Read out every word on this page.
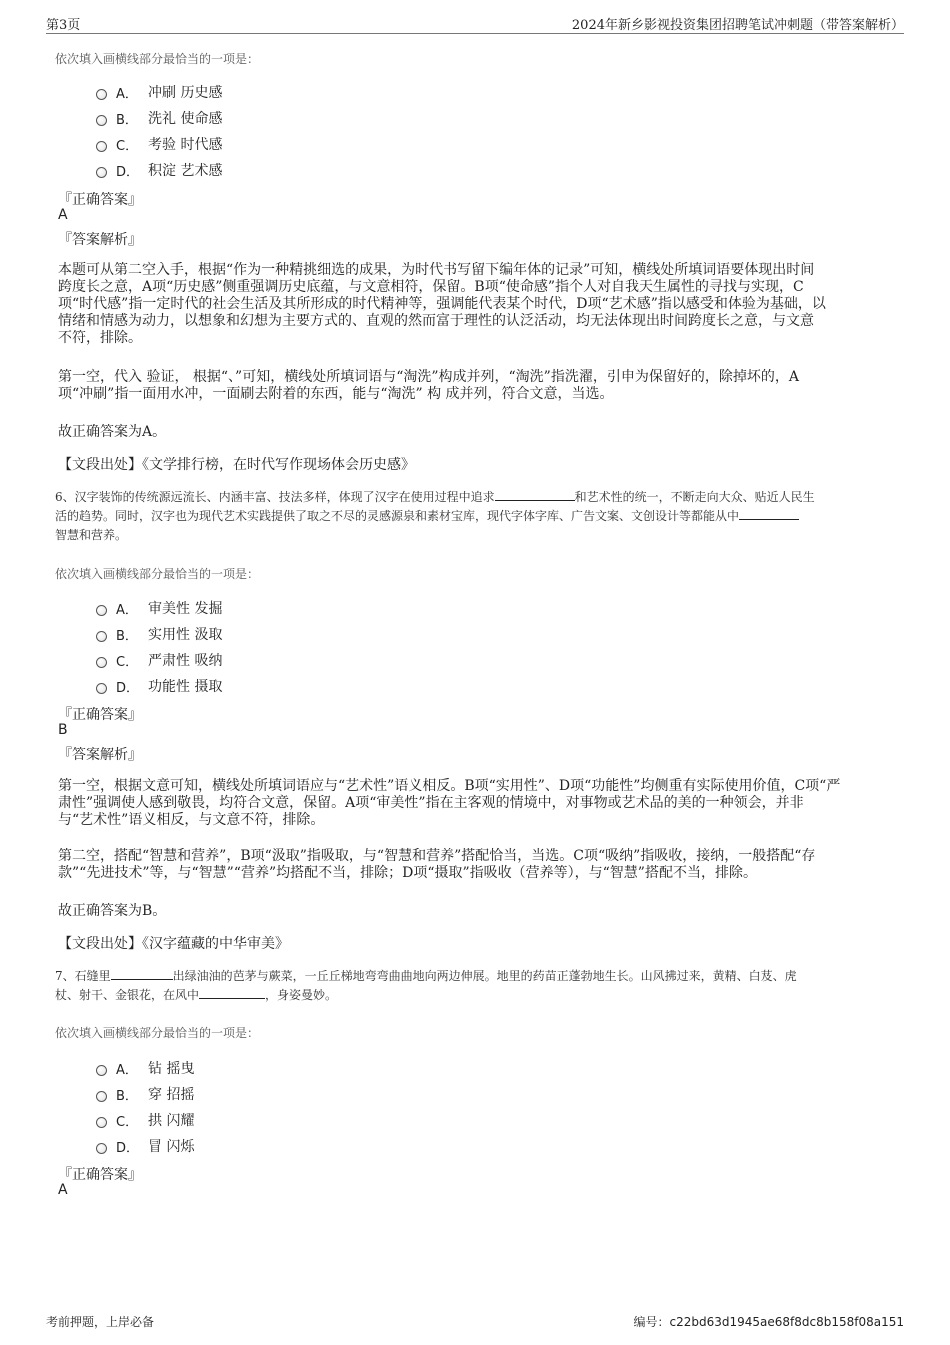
第3页	2024年新乡影视投资集团招聘笔试冲刺题（带答案解析）
依次填入画横线部分最恰当的一项是：
A． 冲刷 历史感
B． 洗礼 使命感
C． 考验 时代感
D． 积淀 艺术感
『正确答案』
A
『答案解析』
本题可从第二空入手，根据“作为一种精挑细选的成果，为时代书写留下编年体的记录”可知，横线处所填词语要体现出时间
跨度长之意，A项“历史感”侧重强调历史底蕴，与文意相符，保留。B项“使命感”指个人对自我天生属性的寻找与实现，C
项“时代感”指一定时代的社会生活及其所形成的时代精神等，强调能代表某个时代，D项“艺术感”指以感受和体验为基础，以
情绪和情感为动力，以想象和幻想为主要方式的、直观的然而富于理性的认泛活动，均无法体现出时间跨度长之意，与文意
不符，排除。
第一空，代入 验证， 根据“、”可知，横线处所填词语与“淘洗”构成并列，“淘洗”指洗濯，引申为保留好的，除掉坏的，A
项“冲刷”指一面用水冲，一面刷去附着的东西，能与“淘洗” 构 成并列，符合文意，当选。
故正确答案为A。
【文段出处】《文学排行榜，在时代写作现场体会历史感》
6、汉字装饰的传统源远流长、内涵丰富、技法多样，体现了汉字在使用过程中追求	和艺术性的统一，不断走向大众、贴近人民生
活的趋势。同时，汉字也为现代艺术实践提供了取之不尽的灵感源泉和素材宝库，现代字体字库、广告文案、文创设计等都能从中
智慧和营养。
依次填入画横线部分最恰当的一项是：
A． 审美性 发掘
B． 实用性 汲取
C． 严肃性 吸纳
D． 功能性 摄取
『正确答案』
B
『答案解析』
第一空，根据文意可知，横线处所填词语应与“艺术性”语义相反。B项“实用性”、D项“功能性”均侧重有实际使用价值，C项“严
肃性”强调使人感到敬畏，均符合文意，保留。A项“审美性”指在主客观的情境中，对事物或艺术品的美的一种领会，并非
与“艺术性”语义相反，与文意不符，排除。
第二空，搭配“智慧和营养”，B项“汲取”指吸取，与“智慧和营养”搭配恰当，当选。C项“吸纳”指吸收，接纳，一般搭配“存
款”“先进技术”等，与“智慧”“营养”均搭配不当，排除；D项“摄取”指吸收（营养等），与“智慧”搭配不当，排除。
故正确答案为B。
【文段出处】《汉字蕴藏的中华审美》
7、石缝里	出绿油油的芭茅与蕨菜，一丘丘梯地弯弯曲曲地向两边伸展。地里的药苗正蓬勃地生长。山风拂过来，黄精、白芨、虎
杖、射干、金银花，在风中	，身姿曼妙。
依次填入画横线部分最恰当的一项是：
A． 钻 摇曳
B． 穿 招摇
C． 拱 闪耀
D． 冒 闪烁
『正确答案』
A
考前押题，上岸必备	编号：c22bd63d1945ae68f8dc8b158f08a151
